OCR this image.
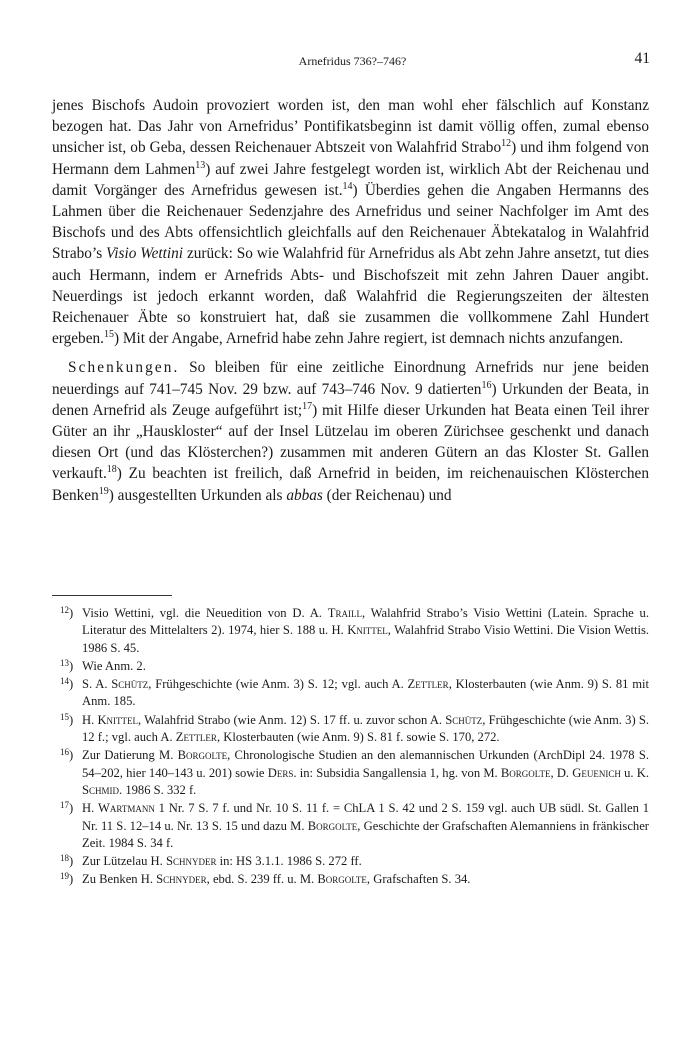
Arnefridus 736?–746?	41

jenes Bischofs Audoin provoziert worden ist, den man wohl eher fälschlich auf Konstanz bezogen hat. Das Jahr von Arnefridus’ Pontifikatsbeginn ist damit völlig offen, zumal ebenso unsicher ist, ob Geba, dessen Reichenauer Abtszeit von Walahfrid Strabo$^{12}$) und ihm folgend von Hermann dem Lahmen$^{13}$) auf zwei Jahre festgelegt worden ist, wirklich Abt der Reichenau und damit Vorgänger des Arnefridus gewesen ist.$^{14}$) Überdies gehen die Angaben Hermanns des Lahmen über die Reichenauer Sedenzjahre des Arnefridus und seiner Nachfolger im Amt des Bischofs und des Abts offensichtlich gleichfalls auf den Reichenauer Äbtekatalog in Walahfrid Strabo’s Visio Wettini zurück: So wie Walahfrid für Arnefridus als Abt zehn Jahre ansetzt, tut dies auch Hermann, indem er Arnefrids Abts- und Bischofszeit mit zehn Jahren Dauer angibt. Neuerdings ist jedoch erkannt worden, daß Walahfrid die Regierungszeiten der ältesten Reichenauer Äbte so konstruiert hat, daß sie zusammen die vollkommene Zahl Hundert ergeben.$^{15}$) Mit der Angabe, Arnefrid habe zehn Jahre regiert, ist demnach nichts anzufangen.

Schenkungen. So bleiben für eine zeitliche Einordnung Arnefrids nur jene beiden neuerdings auf 741–745 Nov. 29 bzw. auf 743–746 Nov. 9 datierten$^{16}$) Urkunden der Beata, in denen Arnefrid als Zeuge aufgeführt ist;$^{17}$) mit Hilfe dieser Urkunden hat Beata einen Teil ihrer Güter an ihr „Hauskloster“ auf der Insel Lützelau im oberen Zürichsee geschenkt und danach diesen Ort (und das Klösterchen?) zusammen mit anderen Gütern an das Kloster St. Gallen verkauft.$^{18}$) Zu beachten ist freilich, daß Arnefrid in beiden, im reichenauischen Klösterchen Benken$^{19}$) ausgestellten Urkunden als abbas (der Reichenau) und

$^{12}$) Visio Wettini, vgl. die Neuedition von D. A. Traill, Walahfrid Strabo’s Visio Wettini (Latein. Sprache u. Literatur des Mittelalters 2). 1974, hier S. 188 u. H. Knittel, Walahfrid Strabo Visio Wettini. Die Vision Wettis. 1986 S. 45.
$^{13}$) Wie Anm. 2.
$^{14}$) S. A. Schütz, Frühgeschichte (wie Anm. 3) S. 12; vgl. auch A. Zettler, Klosterbauten (wie Anm. 9) S. 81 mit Anm. 185.
$^{15}$) H. Knittel, Walahfrid Strabo (wie Anm. 12) S. 17 ff. u. zuvor schon A. Schütz, Frühgeschichte (wie Anm. 3) S. 12 f.; vgl. auch A. Zettler, Klosterbauten (wie Anm. 9) S. 81 f. sowie S. 170, 272.
$^{16}$) Zur Datierung M. Borgolte, Chronologische Studien an den alemannischen Urkunden (ArchDipl 24. 1978 S. 54–202, hier 140–143 u. 201) sowie Ders. in: Subsidia Sangallensia 1, hg. von M. Borgolte, D. Geuenich u. K. Schmid. 1986 S. 332 f.
$^{17}$) H. Wartmann 1 Nr. 7 S. 7 f. und Nr. 10 S. 11 f. = ChLA 1 S. 42 und 2 S. 159 vgl. auch UB südl. St. Gallen 1 Nr. 11 S. 12–14 u. Nr. 13 S. 15 und dazu M. Borgolte, Geschichte der Grafschaften Alemanniens in fränkischer Zeit. 1984 S. 34 f.
$^{18}$) Zur Lützelau H. Schnyder in: HS 3.1.1. 1986 S. 272 ff.
$^{19}$) Zu Benken H. Schnyder, ebd. S. 239 ff. u. M. Borgolte, Grafschaften S. 34.
